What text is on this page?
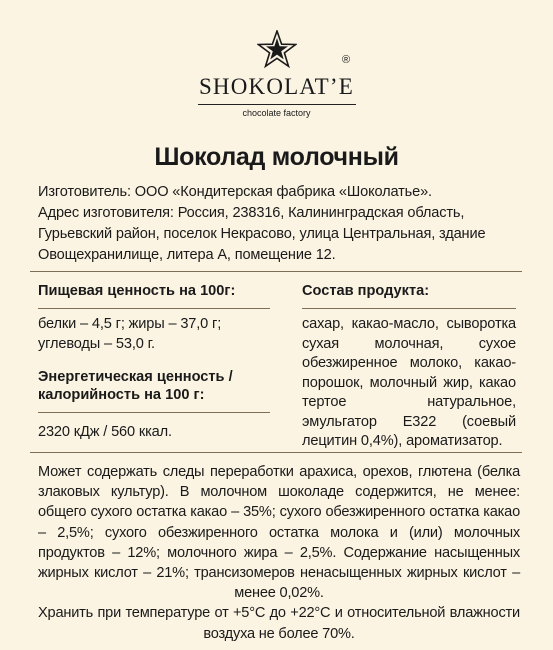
®
SHOKOLAT’E
chocolate factory
Шоколад молочный
Изготовитель: ООО «Кондитерская фабрика «Шоколатье».
Адрес изготовителя: Россия, 238316, Калининградская область, Гурьевский район, поселок Некрасово, улица Центральная, здание Овощехранилище, литера А, помещение 12.
Пищевая ценность на 100г:
белки – 4,5 г; жиры – 37,0 г; углеводы – 53,0 г.
Энергетическая ценность / калорийность на 100 г:
2320 кДж / 560 ккал.
Состав продукта:
сахар, какао-масло, сыворотка сухая молочная, сухое обезжиренное молоко, какао-порошок, молочный жир, какао тертое натуральное, эмульгатор Е322 (соевый лецитин 0,4%), ароматизатор.

Может содержать следы переработки арахиса, орехов, глютена (белка злаковых культур). В молочном шоколаде содержится, не менее: общего сухого остатка какао – 35%; сухого обезжиренного остатка какао – 2,5%; сухого обезжиренного остатка молока и (или) молочных продуктов – 12%; молочного жира – 2,5%. Содержание насыщенных жирных кислот – 21%; трансизомеров ненасыщенных жирных кислот – менее 0,02%.

Хранить при температуре от +5°С до +22°С и относительной влажности воздуха не более 70%.
